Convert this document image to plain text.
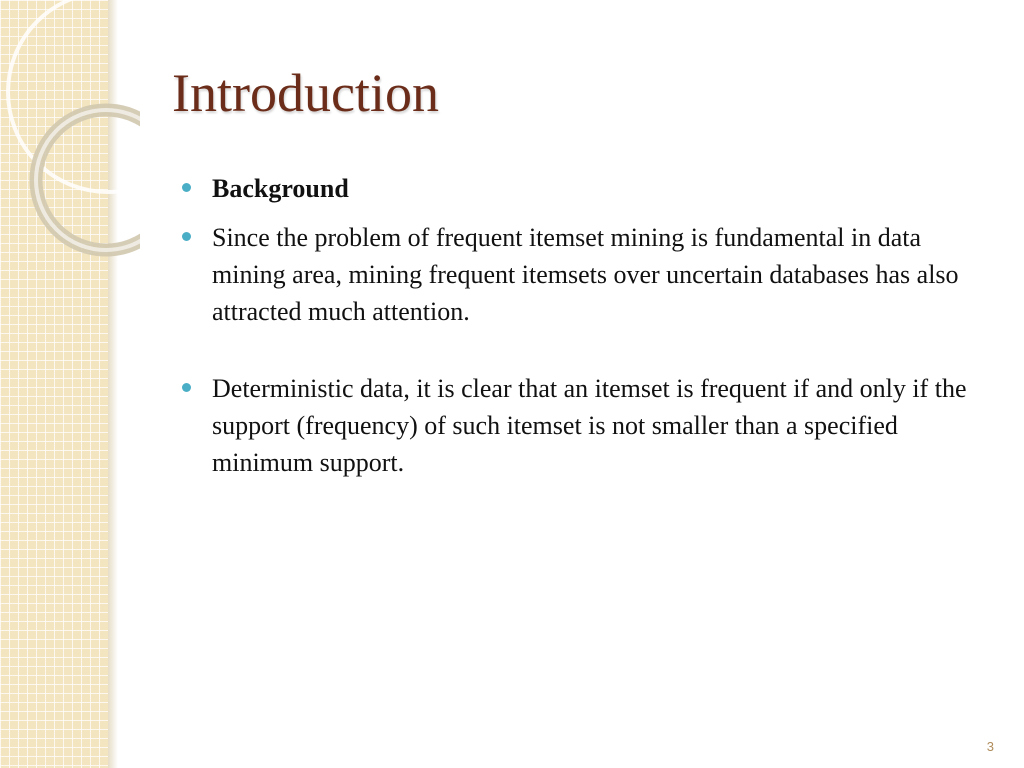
Introduction
Background
Since the problem of frequent itemset mining is fundamental in data mining area, mining frequent itemsets over uncertain databases has also attracted much attention.
Deterministic data, it is clear that an itemset is frequent if and only if the support (frequency) of such itemset is not smaller than a specified minimum support.
3
